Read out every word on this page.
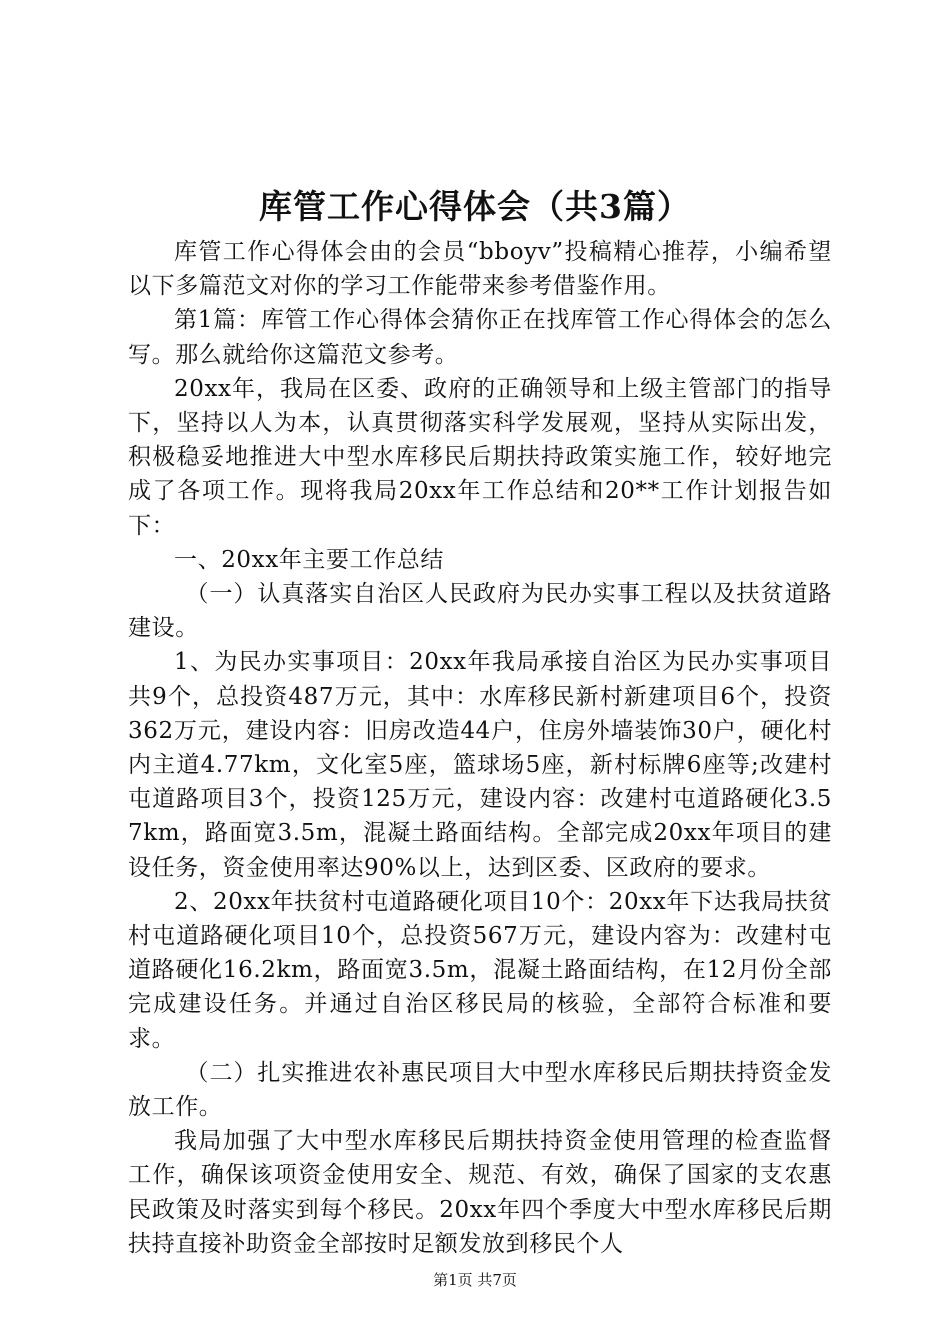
库管工作心得体会（共3篇）

库管工作心得体会由的会员“bboyv”投稿精心推荐，小编希望以下多篇范文对你的学习工作能带来参考借鉴作用。

第1篇：库管工作心得体会猜你正在找库管工作心得体会的怎么写。那么就给你这篇范文参考。

20xx年，我局在区委、政府的正确领导和上级主管部门的指导下，坚持以人为本，认真贯彻落实科学发展观，坚持从实际出发，积极稳妥地推进大中型水库移民后期扶持政策实施工作，较好地完成了各项工作。现将我局20xx年工作总结和20**工作计划报告如下：

一、20xx年主要工作总结

（一）认真落实自治区人民政府为民办实事工程以及扶贫道路建设。

1、为民办实事项目：20xx年我局承接自治区为民办实事项目共9个，总投资487万元，其中：水库移民新村新建项目6个，投资362万元，建设内容：旧房改造44户，住房外墙装饰30户，硬化村内主道4.77km，文化室5座，篮球场5座，新村标牌6座等;改建村屯道路项目3个，投资125万元，建设内容：改建村屯道路硬化3.57km，路面宽3.5m，混凝土路面结构。全部完成20xx年项目的建设任务，资金使用率达90%以上，达到区委、区政府的要求。

2、20xx年扶贫村屯道路硬化项目10个：20xx年下达我局扶贫村屯道路硬化项目10个，总投资567万元，建设内容为：改建村屯道路硬化16.2km，路面宽3.5m，混凝土路面结构，在12月份全部完成建设任务。并通过自治区移民局的核验，全部符合标准和要求。

（二）扎实推进农补惠民项目大中型水库移民后期扶持资金发放工作。

我局加强了大中型水库移民后期扶持资金使用管理的检查监督工作，确保该项资金使用安全、规范、有效，确保了国家的支农惠民政策及时落实到每个移民。20xx年四个季度大中型水库移民后期扶持直接补助资金全部按时足额发放到移民个人

第1页 共7页
